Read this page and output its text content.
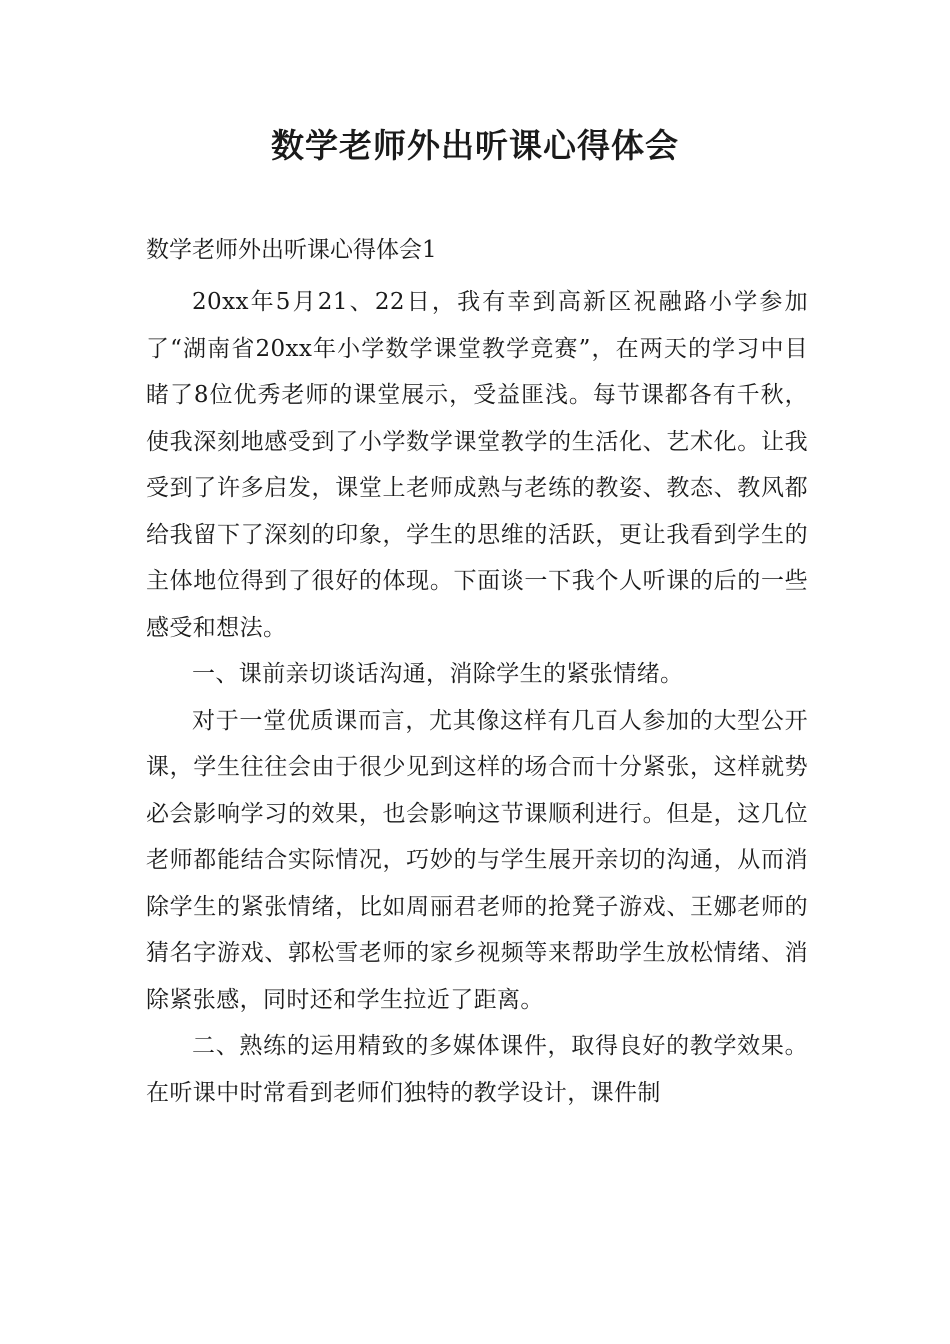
数学老师外出听课心得体会

数学老师外出听课心得体会1

20xx年5月21、22日，我有幸到高新区祝融路小学参加了“湖南省20xx年小学数学课堂教学竞赛”，在两天的学习中目睹了8位优秀老师的课堂展示，受益匪浅。每节课都各有千秋，使我深刻地感受到了小学数学课堂教学的生活化、艺术化。让我受到了许多启发，课堂上老师成熟与老练的教姿、教态、教风都给我留下了深刻的印象，学生的思维的活跃，更让我看到学生的主体地位得到了很好的体现。下面谈一下我个人听课的后的一些感受和想法。

一、课前亲切谈话沟通，消除学生的紧张情绪。

对于一堂优质课而言，尤其像这样有几百人参加的大型公开课，学生往往会由于很少见到这样的场合而十分紧张，这样就势必会影响学习的效果，也会影响这节课顺利进行。但是，这几位老师都能结合实际情况，巧妙的与学生展开亲切的沟通，从而消除学生的紧张情绪，比如周丽君老师的抢凳子游戏、王娜老师的猜名字游戏、郭松雪老师的家乡视频等来帮助学生放松情绪、消除紧张感，同时还和学生拉近了距离。

二、熟练的运用精致的多媒体课件，取得良好的教学效果。 在听课中时常看到老师们独特的教学设计，课件制
